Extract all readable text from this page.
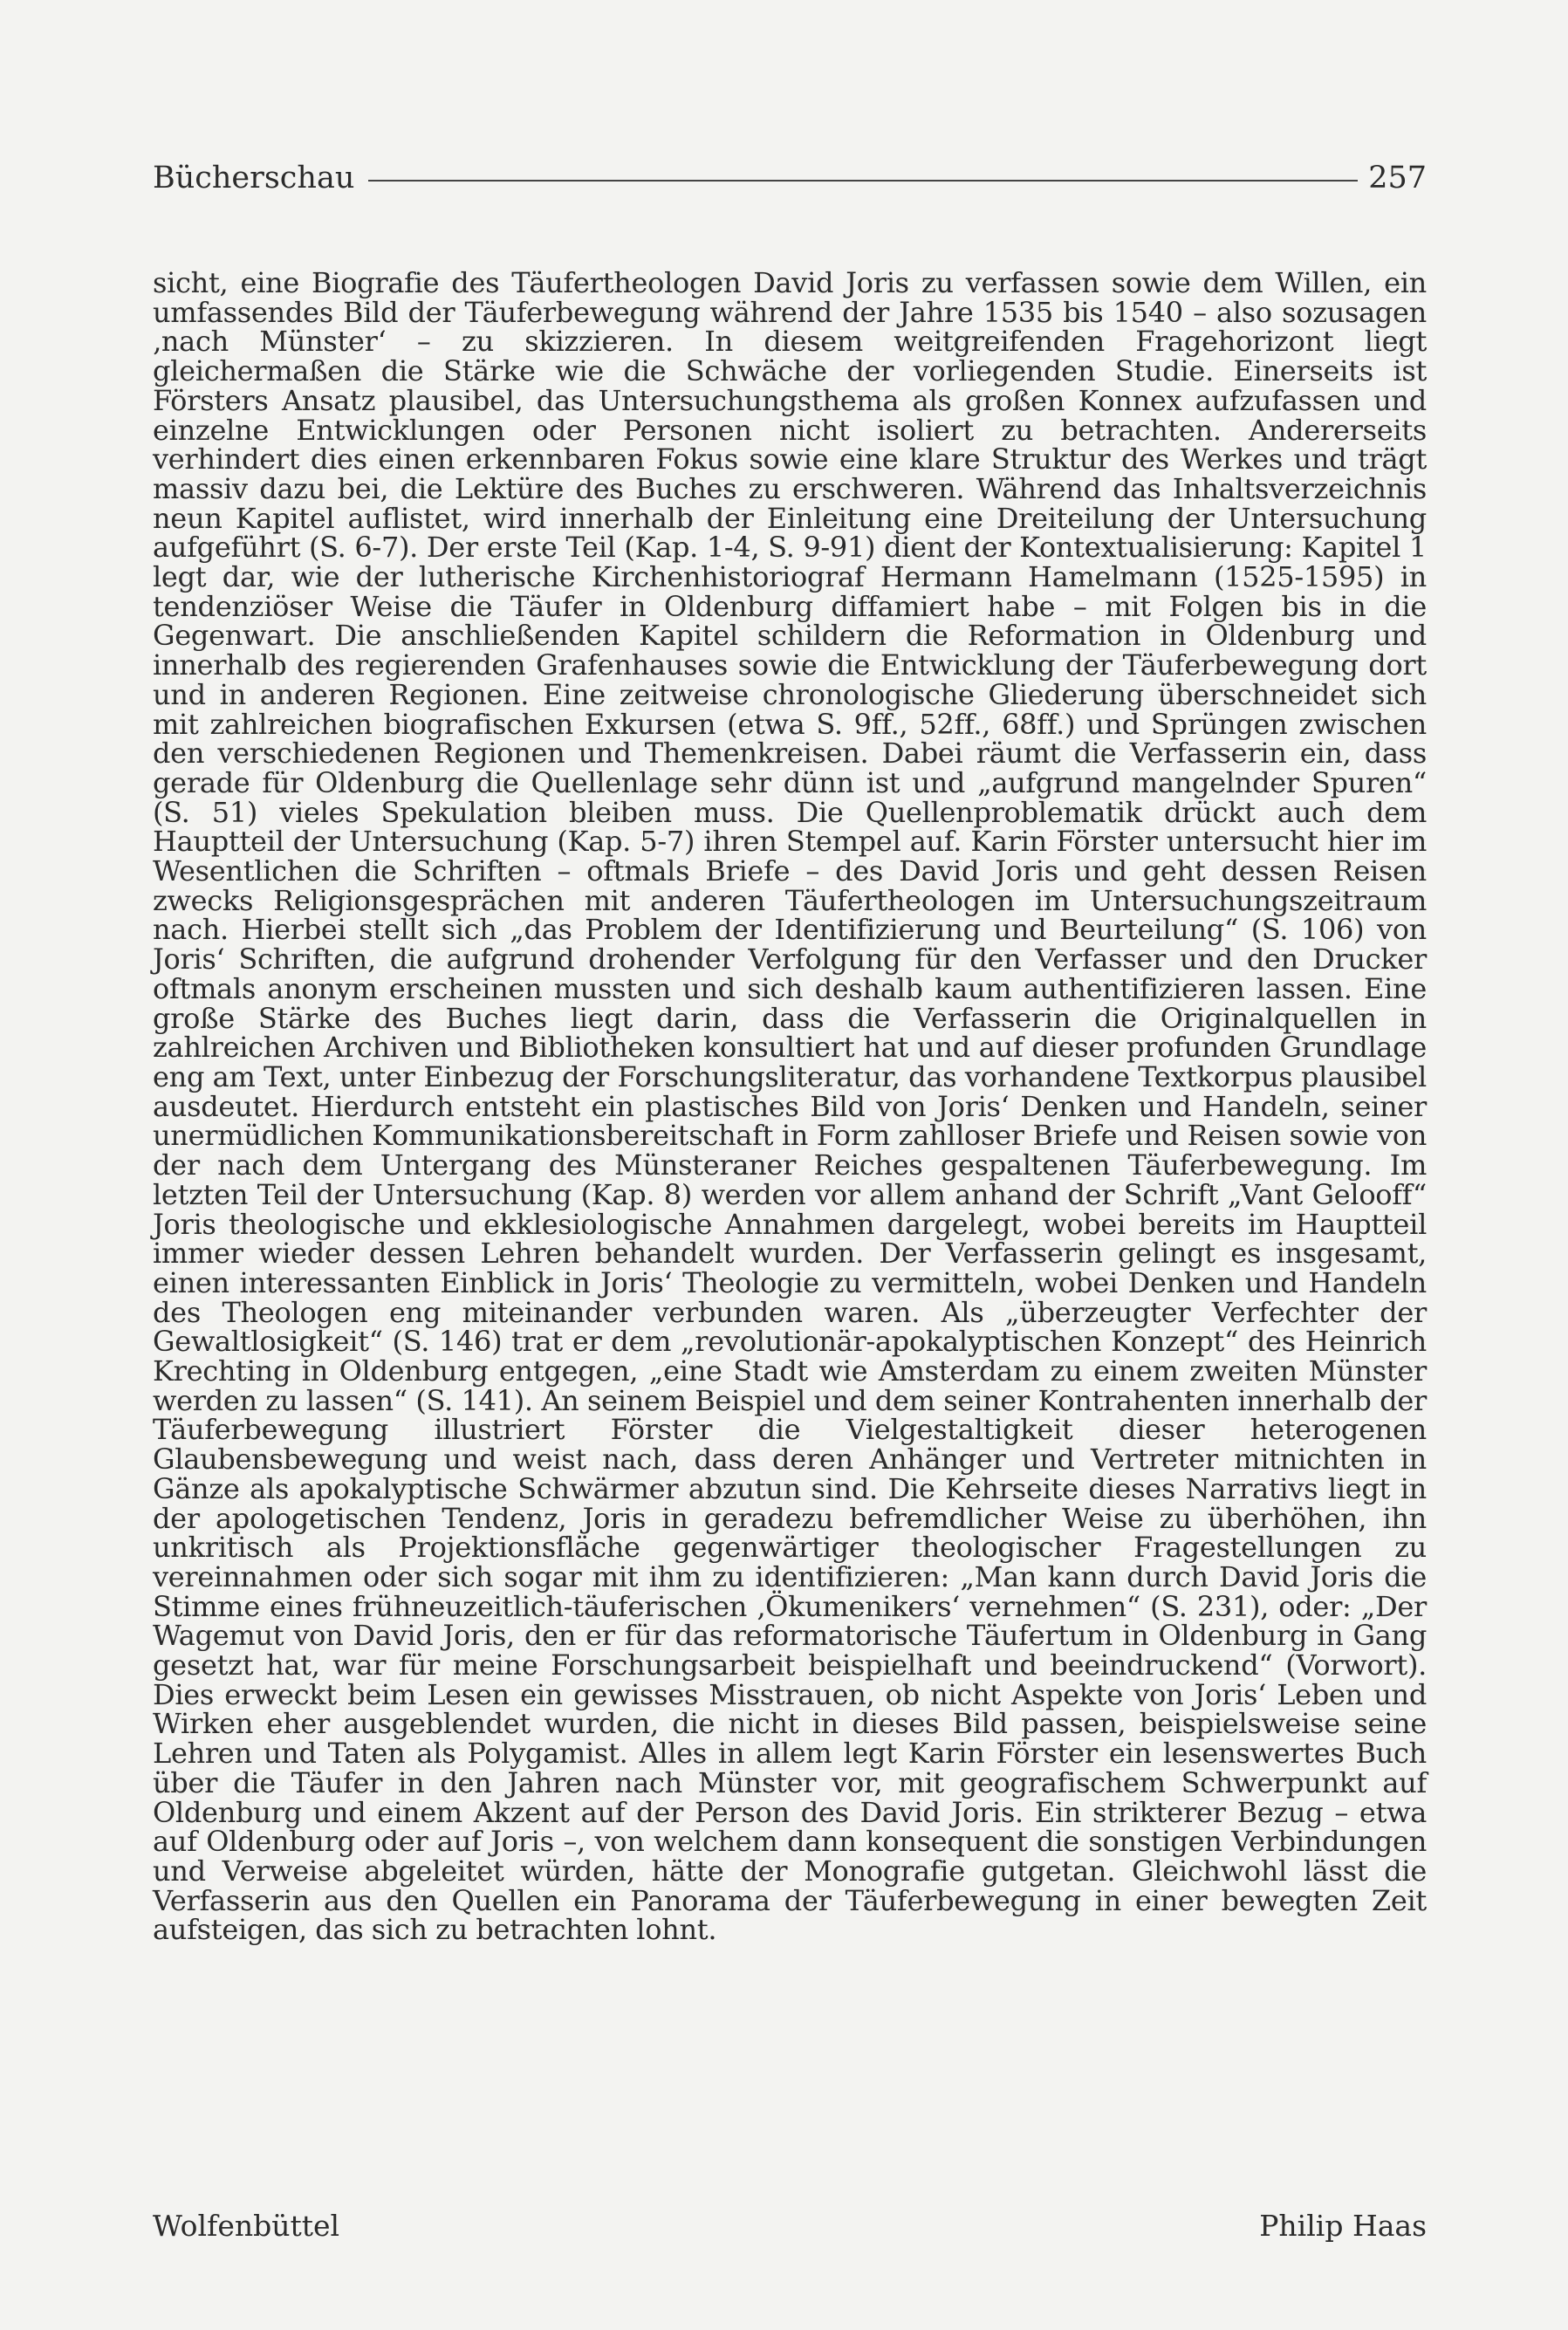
Bücherschau	257

sicht, eine Biografie des Täufertheologen David Joris zu verfassen sowie dem Willen, ein umfassendes Bild der Täuferbewegung während der Jahre 1535 bis 1540 – also sozusagen ‚nach Münster‘ – zu skizzieren. In diesem weitgreifenden Fragehorizont liegt gleichermaßen die Stärke wie die Schwäche der vorliegenden Studie. Einerseits ist Försters Ansatz plausibel, das Untersuchungsthema als großen Konnex aufzufassen und einzelne Entwicklungen oder Personen nicht isoliert zu betrachten. Andererseits verhindert dies einen erkennbaren Fokus sowie eine klare Struktur des Werkes und trägt massiv dazu bei, die Lektüre des Buches zu erschweren. Während das Inhaltsverzeichnis neun Kapitel auflistet, wird innerhalb der Einleitung eine Dreiteilung der Untersuchung aufgeführt (S. 6-7). Der erste Teil (Kap. 1-4, S. 9-91) dient der Kontextualisierung: Kapitel 1 legt dar, wie der lutherische Kirchenhistoriograf Hermann Hamelmann (1525-1595) in tendenziöser Weise die Täufer in Oldenburg diffamiert habe – mit Folgen bis in die Gegenwart. Die anschließenden Kapitel schildern die Reformation in Oldenburg und innerhalb des regierenden Grafenhauses sowie die Entwicklung der Täuferbewegung dort und in anderen Regionen. Eine zeitweise chronologische Gliederung überschneidet sich mit zahlreichen biografischen Exkursen (etwa S. 9ff., 52ff., 68ff.) und Sprüngen zwischen den verschiedenen Regionen und Themenkreisen. Dabei räumt die Verfasserin ein, dass gerade für Oldenburg die Quellenlage sehr dünn ist und „aufgrund mangelnder Spuren“ (S. 51) vieles Spekulation bleiben muss. Die Quellenproblematik drückt auch dem Hauptteil der Untersuchung (Kap. 5-7) ihren Stempel auf. Karin Förster untersucht hier im Wesentlichen die Schriften – oftmals Briefe – des David Joris und geht dessen Reisen zwecks Religionsgesprächen mit anderen Täufertheologen im Untersuchungszeitraum nach. Hierbei stellt sich „das Problem der Identifizierung und Beurteilung“ (S. 106) von Joris‘ Schriften, die aufgrund drohender Verfolgung für den Verfasser und den Drucker oftmals anonym erscheinen mussten und sich deshalb kaum authentifizieren lassen. Eine große Stärke des Buches liegt darin, dass die Verfasserin die Originalquellen in zahlreichen Archiven und Bibliotheken konsultiert hat und auf dieser profunden Grundlage eng am Text, unter Einbezug der Forschungsliteratur, das vorhandene Textkorpus plausibel ausdeutet. Hierdurch entsteht ein plastisches Bild von Joris‘ Denken und Handeln, seiner unermüdlichen Kommunikationsbereitschaft in Form zahlloser Briefe und Reisen sowie von der nach dem Untergang des Münsteraner Reiches gespaltenen Täuferbewegung. Im letzten Teil der Untersuchung (Kap. 8) werden vor allem anhand der Schrift „Vant Gelooff“ Joris theologische und ekklesiologische Annahmen dargelegt, wobei bereits im Hauptteil immer wieder dessen Lehren behandelt wurden. Der Verfasserin gelingt es insgesamt, einen interessanten Einblick in Joris‘ Theologie zu vermitteln, wobei Denken und Handeln des Theologen eng miteinander verbunden waren. Als „überzeugter Verfechter der Gewaltlosigkeit“ (S. 146) trat er dem „revolutionär-apokalyptischen Konzept“ des Heinrich Krechting in Oldenburg entgegen, „eine Stadt wie Amsterdam zu einem zweiten Münster werden zu lassen“ (S. 141). An seinem Beispiel und dem seiner Kontrahenten innerhalb der Täuferbewegung illustriert Förster die Vielgestaltigkeit dieser heterogenen Glaubensbewegung und weist nach, dass deren Anhänger und Vertreter mitnichten in Gänze als apokalyptische Schwärmer abzutun sind. Die Kehrseite dieses Narrativs liegt in der apologetischen Tendenz, Joris in geradezu befremdlicher Weise zu überhöhen, ihn unkritisch als Projektionsfläche gegenwärtiger theologischer Fragestellungen zu vereinnahmen oder sich sogar mit ihm zu identifizieren: „Man kann durch David Joris die Stimme eines frühneuzeitlich-täuferischen ‚Ökumenikers‘ vernehmen“ (S. 231), oder: „Der Wagemut von David Joris, den er für das reformatorische Täufertum in Oldenburg in Gang gesetzt hat, war für meine Forschungsarbeit beispielhaft und beeindruckend“ (Vorwort). Dies erweckt beim Lesen ein gewisses Misstrauen, ob nicht Aspekte von Joris‘ Leben und Wirken eher ausgeblendet wurden, die nicht in dieses Bild passen, beispielsweise seine Lehren und Taten als Polygamist. Alles in allem legt Karin Förster ein lesenswertes Buch über die Täufer in den Jahren nach Münster vor, mit geografischem Schwerpunkt auf Oldenburg und einem Akzent auf der Person des David Joris. Ein strikterer Bezug – etwa auf Oldenburg oder auf Joris –, von welchem dann konsequent die sonstigen Verbindungen und Verweise abgeleitet würden, hätte der Monografie gutgetan. Gleichwohl lässt die Verfasserin aus den Quellen ein Panorama der Täuferbewegung in einer bewegten Zeit aufsteigen, das sich zu betrachten lohnt.

Wolfenbüttel	Philip Haas
